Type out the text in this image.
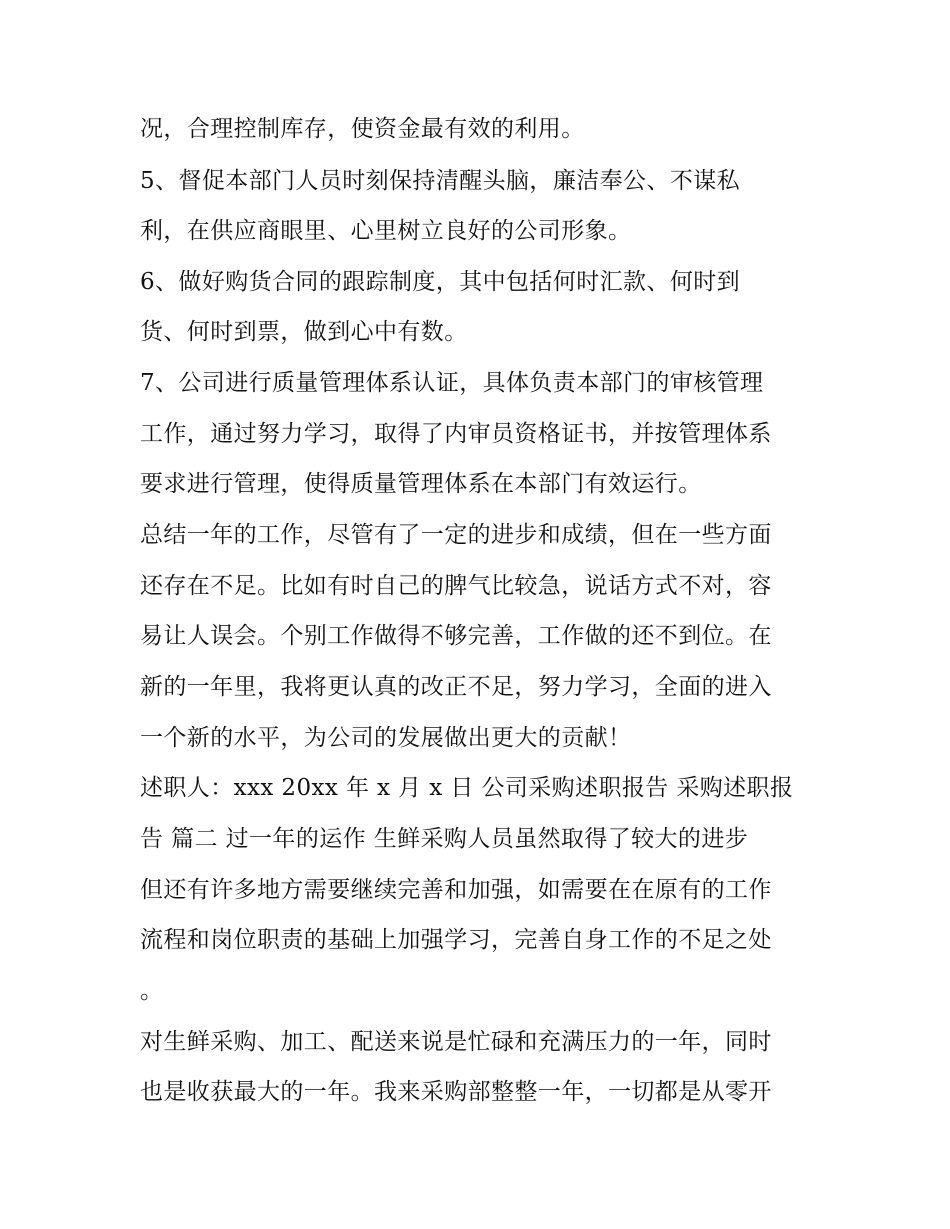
况，合理控制库存，使资金最有效的利用。
5、督促本部门人员时刻保持清醒头脑，廉洁奉公、不谋私
利，在供应商眼里、心里树立良好的公司形象。
6、做好购货合同的跟踪制度，其中包括何时汇款、何时到
货、何时到票，做到心中有数。
7、公司进行质量管理体系认证，具体负责本部门的审核管理
工作，通过努力学习，取得了内审员资格证书，并按管理体系
要求进行管理，使得质量管理体系在本部门有效运行。
总结一年的工作，尽管有了一定的进步和成绩，但在一些方面
还存在不足。比如有时自己的脾气比较急，说话方式不对，容
易让人误会。个别工作做得不够完善，工作做的还不到位。在
新的一年里，我将更认真的改正不足，努力学习，全面的进入
一个新的水平，为公司的发展做出更大的贡献！
述职人：xxx 20xx 年 x 月 x 日 公司采购述职报告 采购述职报
告 篇二 过一年的运作 生鲜采购人员虽然取得了较大的进步
但还有许多地方需要继续完善和加强，如需要在在原有的工作
流程和岗位职责的基础上加强学习，完善自身工作的不足之处
。
对生鲜采购、加工、配送来说是忙碌和充满压力的一年，同时
也是收获最大的一年。我来采购部整整一年，一切都是从零开
